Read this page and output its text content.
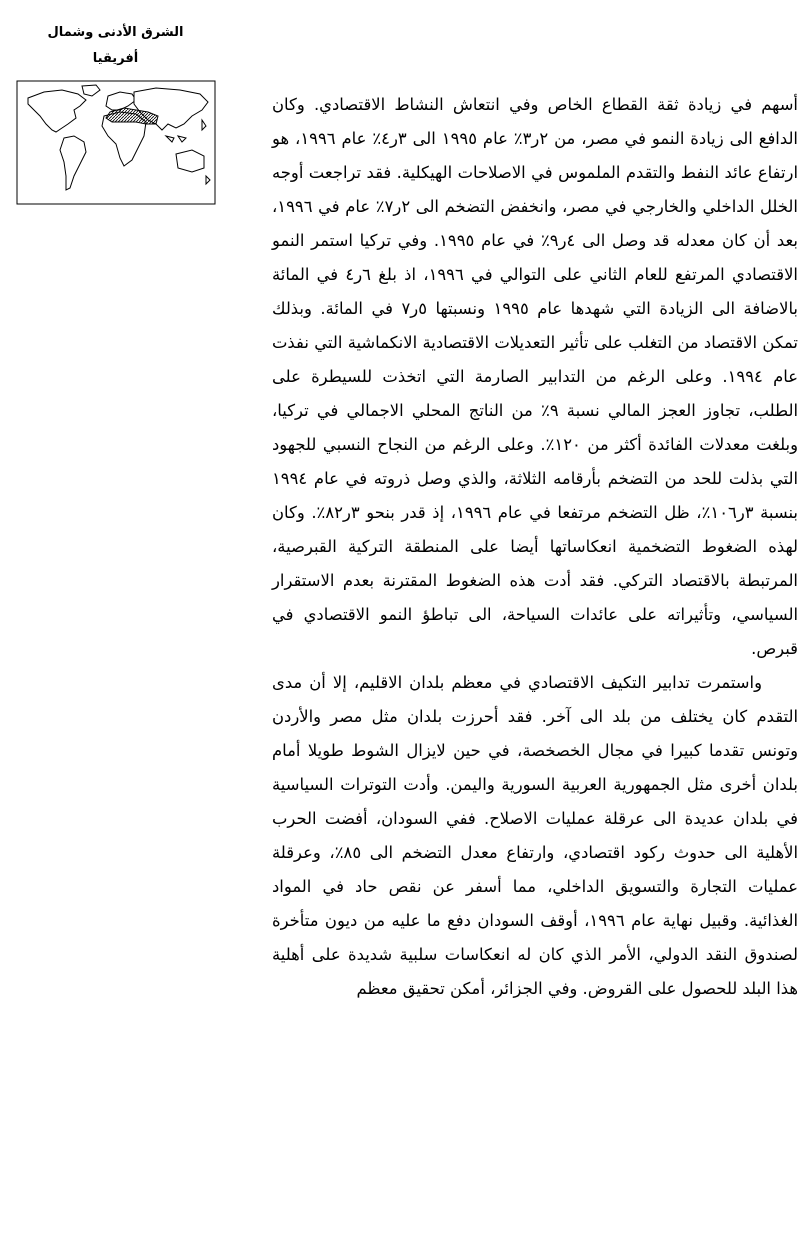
الشرق الأدنى وشمال
أفريقيا

أسهم في زيادة ثقة القطاع الخاص وفي انتعاش النشاط الاقتصادي. وكان الدافع الى زيادة النمو في مصر، من ٢ر٣٪ عام ١٩٩٥ الى ٣ر٤٪ عام ١٩٩٦، هو ارتفاع عائد النفط والتقدم الملموس في الاصلاحات الهيكلية. فقد تراجعت أوجه الخلل الداخلي والخارجي في مصر، وانخفض التضخم الى ٢ر٧٪ عام في ١٩٩٦، بعد أن كان معدله قد وصل الى ٤ر٩٪ في عام ١٩٩٥. وفي تركيا استمر النمو الاقتصادي المرتفع للعام الثاني على التوالي في ١٩٩٦، اذ بلغ ٦ر٤ في المائة بالاضافة الى الزيادة التي شهدها عام ١٩٩٥ ونسبتها ٥ر٧ في المائة. وبذلك تمكن الاقتصاد من التغلب على تأثير التعديلات الاقتصادية الانكماشية التي نفذت عام ١٩٩٤. وعلى الرغم من التدابير الصارمة التي اتخذت للسيطرة على الطلب، تجاوز العجز المالي نسبة ٩٪ من الناتج المحلي الاجمالي في تركيا، وبلغت معدلات الفائدة أكثر من ١٢٠٪. وعلى الرغم من النجاح النسبي للجهود التي بذلت للحد من التضخم بأرقامه الثلاثة، والذي وصل ذروته في عام ١٩٩٤ بنسبة ٣ر١٠٦٪، ظل التضخم مرتفعا في عام ١٩٩٦، إذ قدر بنحو ٣ر٨٢٪. وكان لهذه الضغوط التضخمية انعكاساتها أيضا على المنطقة التركية القبرصية، المرتبطة بالاقتصاد التركي. فقد أدت هذه الضغوط المقترنة بعدم الاستقرار السياسي، وتأثيراته على عائدات السياحة، الى تباطؤ النمو الاقتصادي في قبرص.

واستمرت تدابير التكيف الاقتصادي في معظم بلدان الاقليم، إلا أن مدى التقدم كان يختلف من بلد الى آخر. فقد أحرزت بلدان مثل مصر والأردن وتونس تقدما كبيرا في مجال الخصخصة، في حين لايزال الشوط طويلا أمام بلدان أخرى مثل الجمهورية العربية السورية واليمن. وأدت التوترات السياسية في بلدان عديدة الى عرقلة عمليات الاصلاح. ففي السودان، أفضت الحرب الأهلية الى حدوث ركود اقتصادي، وارتفاع معدل التضخم الى ٨٥٪، وعرقلة عمليات التجارة والتسويق الداخلي، مما أسفر عن نقص حاد في المواد الغذائية. وقبيل نهاية عام ١٩٩٦، أوقف السودان دفع ما عليه من ديون متأخرة لصندوق النقد الدولي، الأمر الذي كان له انعكاسات سلبية شديدة على أهلية هذا البلد للحصول على القروض. وفي الجزائر، أمكن تحقيق معظم
